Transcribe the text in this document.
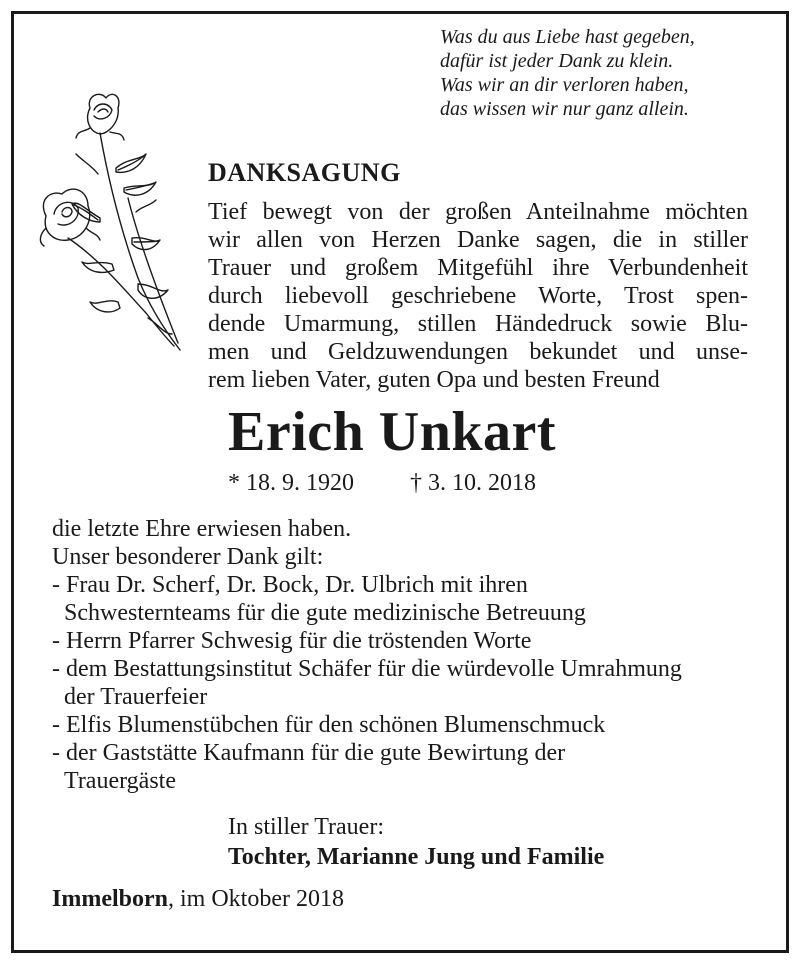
Was du aus Liebe hast gegeben,
dafür ist jeder Dank zu klein.
Was wir an dir verloren haben,
das wissen wir nur ganz allein.
DANKSAGUNG
Tief bewegt von der großen Anteilnahme möchten
wir allen von Herzen Danke sagen, die in stiller
Trauer und großem Mitgefühl ihre Verbundenheit
durch liebevoll geschriebene Worte, Trost spen-
dende Umarmung, stillen Händedruck sowie Blu-
men und Geldzuwendungen bekundet und unse-
rem lieben Vater, guten Opa und besten Freund
Erich Unkart
* 18. 9. 1920 † 3. 10. 2018
die letzte Ehre erwiesen haben.
Unser besonderer Dank gilt:
- Frau Dr. Scherf, Dr. Bock, Dr. Ulbrich mit ihren
Schwesternteams für die gute medizinische Betreuung
- Herrn Pfarrer Schwesig für die tröstenden Worte
- dem Bestattungsinstitut Schäfer für die würdevolle Umrahmung
der Trauerfeier
- Elfis Blumenstübchen für den schönen Blumenschmuck
- der Gaststätte Kaufmann für die gute Bewirtung der
Trauergäste
In stiller Trauer:
Tochter, Marianne Jung und Familie
Immelborn, im Oktober 2018
